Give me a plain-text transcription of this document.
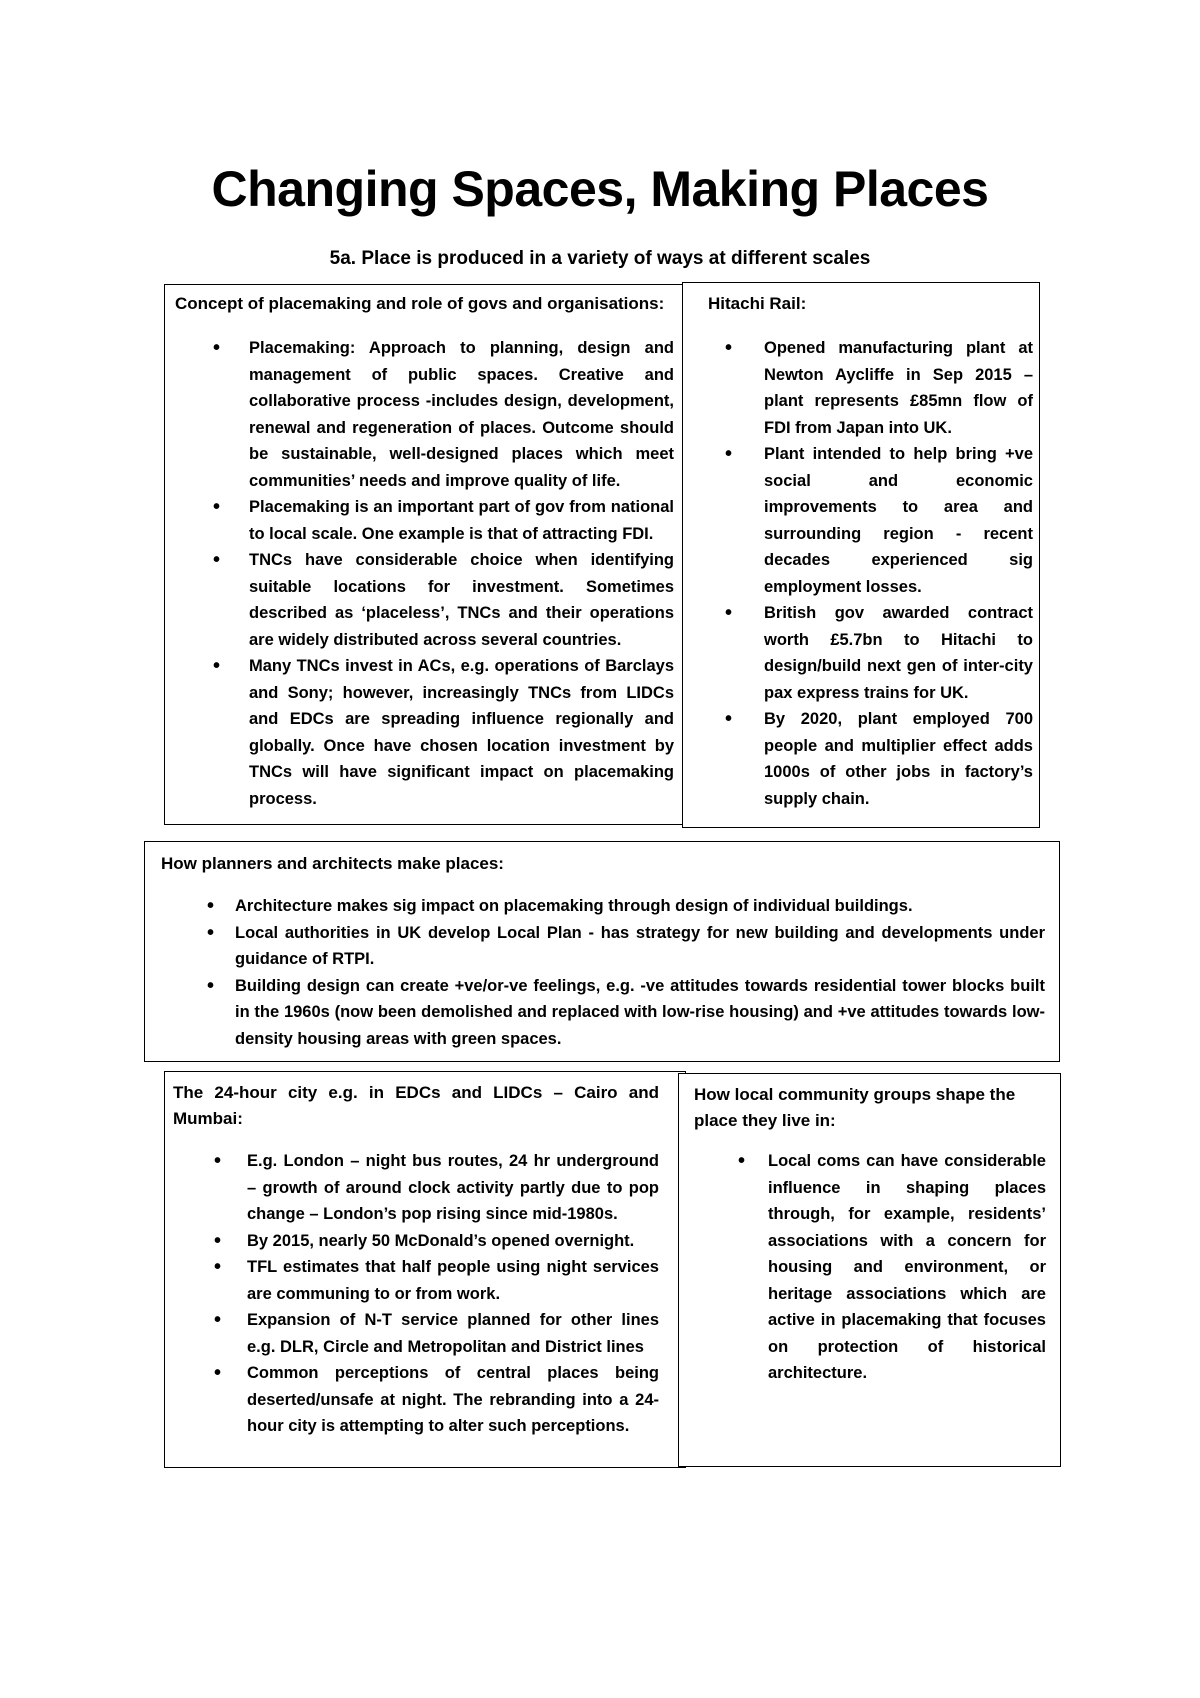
Changing Spaces, Making Places
5a. Place is produced in a variety of ways at different scales
Concept of placemaking and role of govs and organisations:
• Placemaking: Approach to planning, design and management of public spaces. Creative and collaborative process -includes design, development, renewal and regeneration of places. Outcome should be sustainable, well-designed places which meet communities’ needs and improve quality of life.
• Placemaking is an important part of gov from national to local scale. One example is that of attracting FDI.
• TNCs have considerable choice when identifying suitable locations for investment. Sometimes described as ‘placeless’, TNCs and their operations are widely distributed across several countries.
• Many TNCs invest in ACs, e.g. operations of Barclays and Sony; however, increasingly TNCs from LIDCs and EDCs are spreading influence regionally and globally. Once have chosen location investment by TNCs will have significant impact on placemaking process.
Hitachi Rail:
• Opened manufacturing plant at Newton Aycliffe in Sep 2015 – plant represents £85mn flow of FDI from Japan into UK.
• Plant intended to help bring +ve social and economic improvements to area and surrounding region - recent decades experienced sig employment losses.
• British gov awarded contract worth £5.7bn to Hitachi to design/build next gen of inter-city pax express trains for UK.
• By 2020, plant employed 700 people and multiplier effect adds 1000s of other jobs in factory’s supply chain.
How planners and architects make places:
• Architecture makes sig impact on placemaking through design of individual buildings.
• Local authorities in UK develop Local Plan - has strategy for new building and developments under guidance of RTPI.
• Building design can create +ve/or-ve feelings, e.g. -ve attitudes towards residential tower blocks built in the 1960s (now been demolished and replaced with low-rise housing) and +ve attitudes towards low-density housing areas with green spaces.
The 24-hour city e.g. in EDCs and LIDCs – Cairo and Mumbai:
• E.g. London – night bus routes, 24 hr underground – growth of around clock activity partly due to pop change – London’s pop rising since mid-1980s.
• By 2015, nearly 50 McDonald’s opened overnight.
• TFL estimates that half people using night services are communing to or from work.
• Expansion of N-T service planned for other lines e.g. DLR, Circle and Metropolitan and District lines
• Common perceptions of central places being deserted/unsafe at night. The rebranding into a 24-hour city is attempting to alter such perceptions.
How local community groups shape the place they live in:
• Local coms can have considerable influence in shaping places through, for example, residents’ associations with a concern for housing and environment, or heritage associations which are active in placemaking that focuses on protection of historical architecture.
